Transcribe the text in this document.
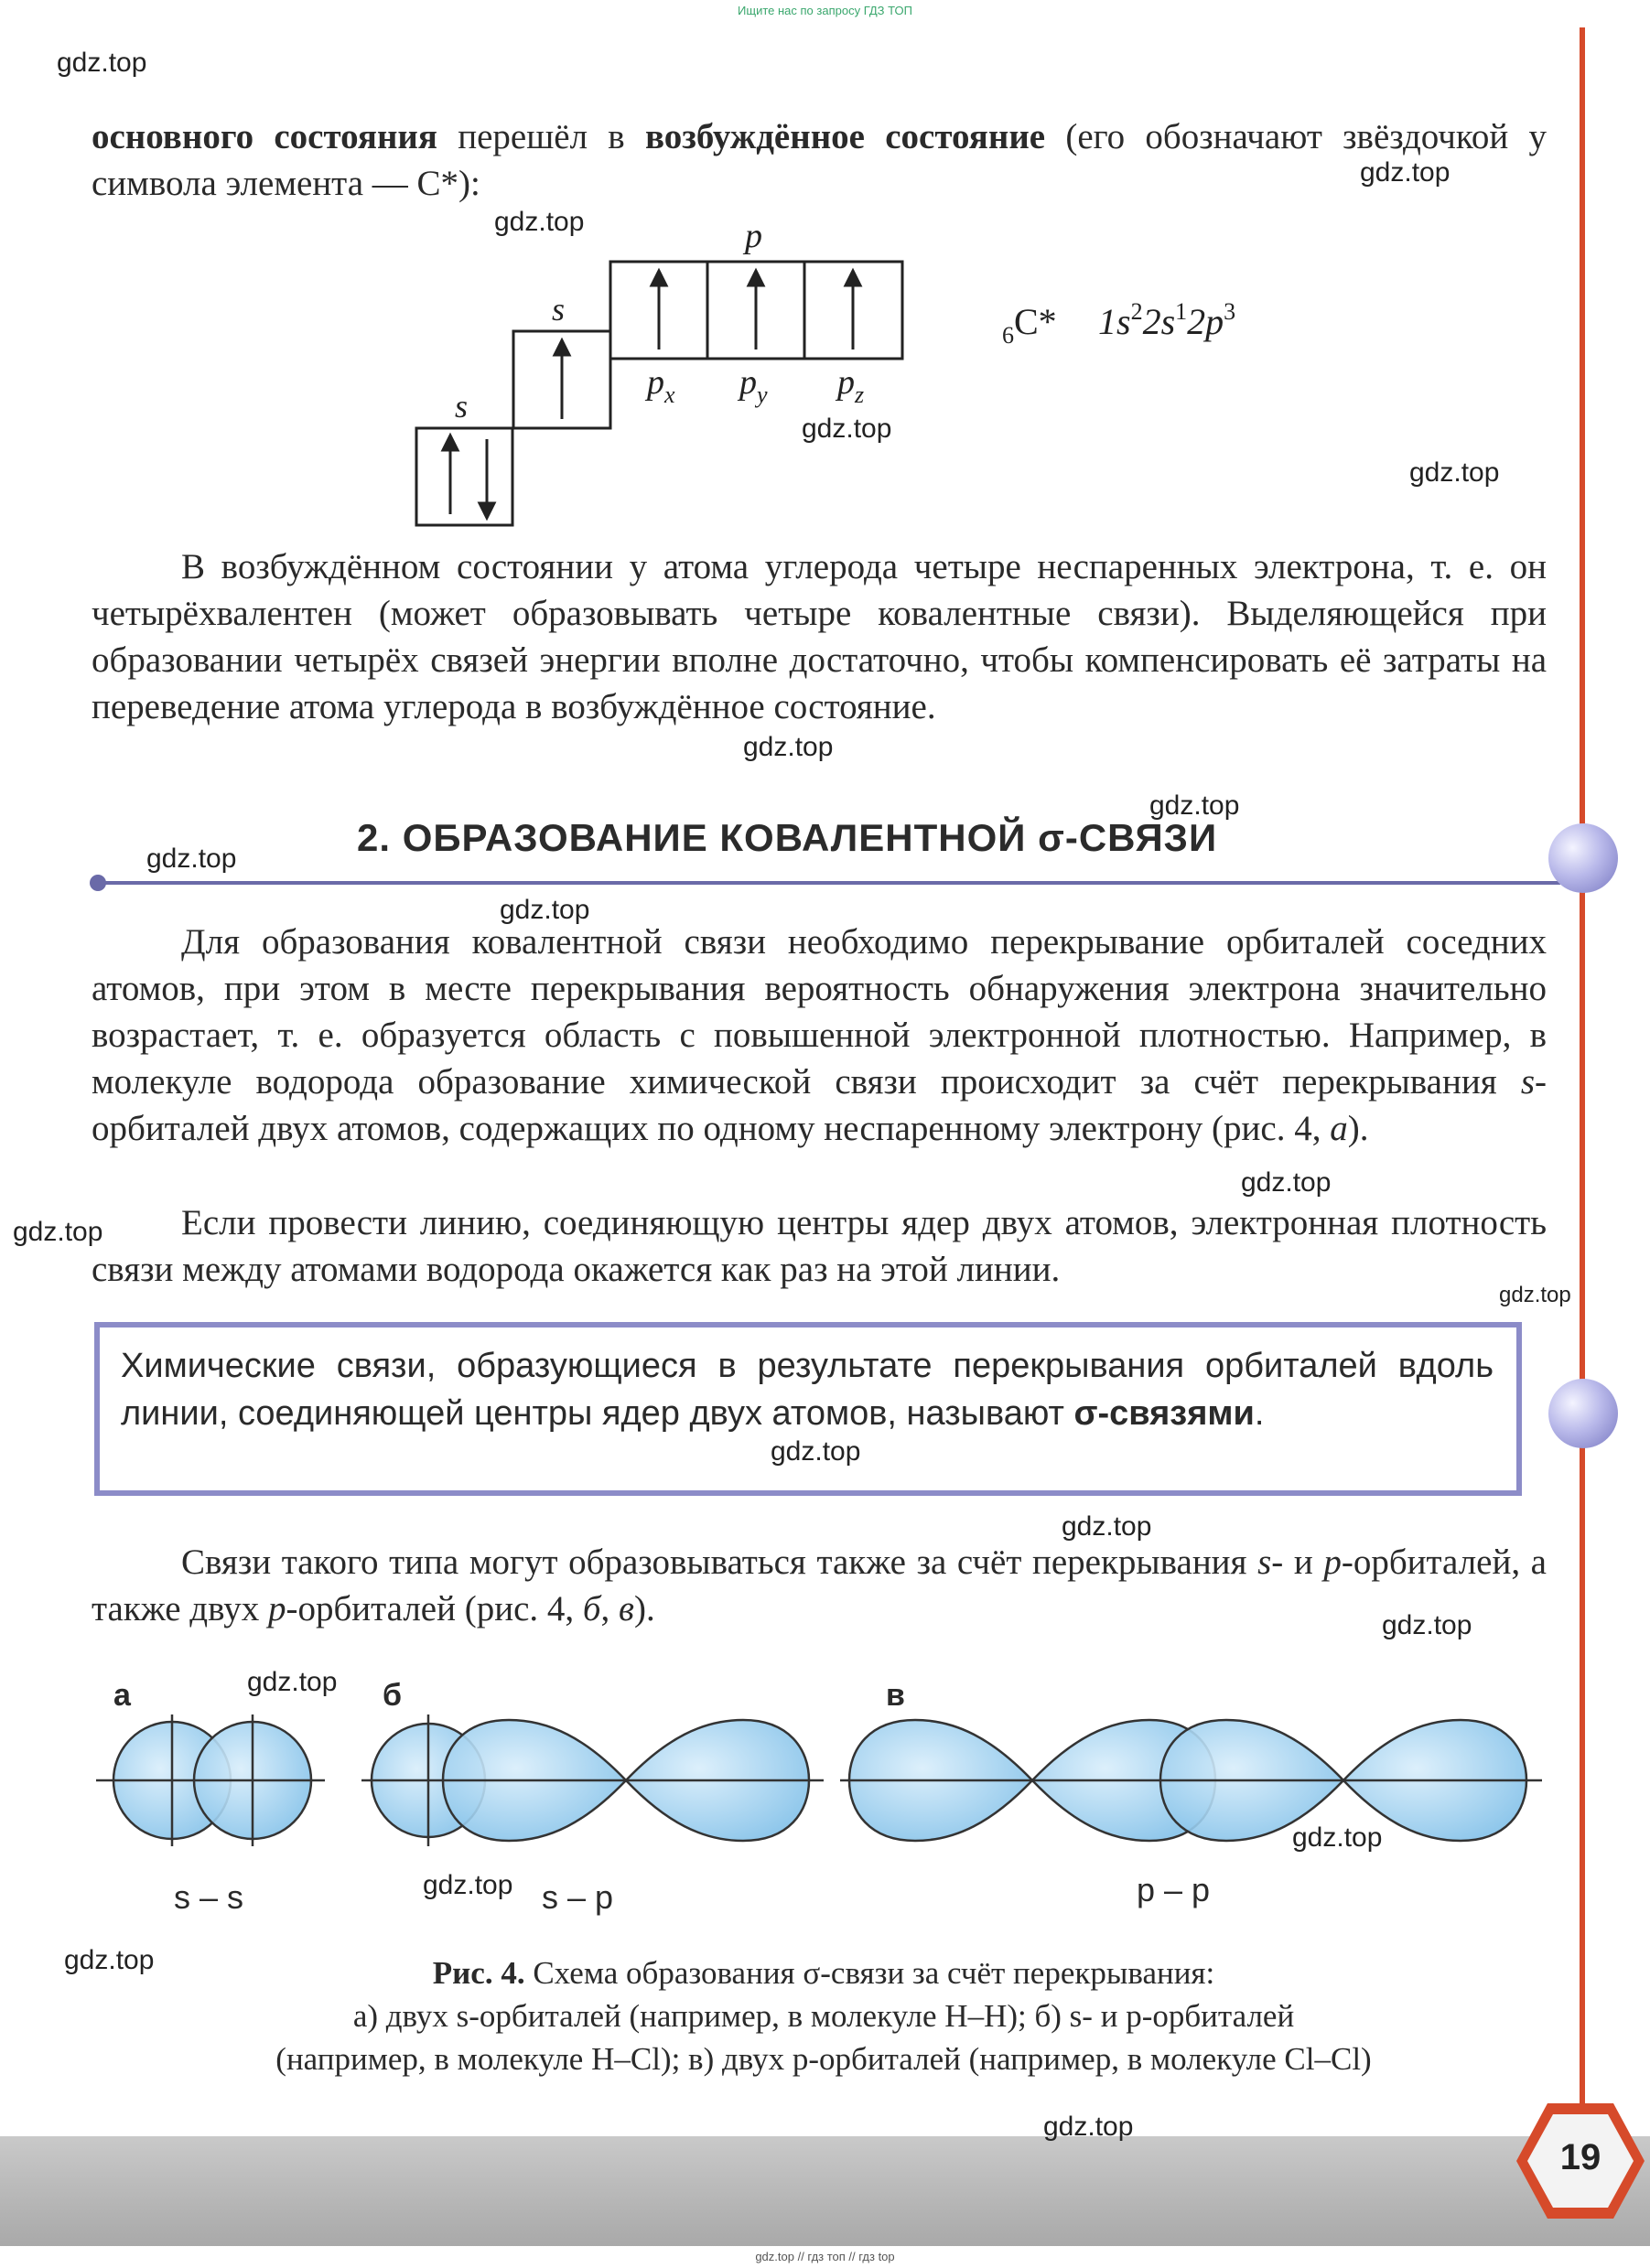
Ищите нас по запросу ГДЗ ТОП
основного состояния перешёл в возбуждённое состояние (его обозначают звёздочкой у символа элемента — С*):
s
s
p
$p_x$ $p_y$ $p_z$
$_6$C* $1s^22s^12p^3$
В возбуждённом состоянии у атома углерода четыре неспаренных электрона, т. е. он четырёхвалентен (может образовывать четыре ковалентные связи). Выделяющейся при образовании четырёх связей энергии вполне достаточно, чтобы компенсировать её затраты на переведение атома углерода в возбуждённое состояние.
2. ОБРАЗОВАНИЕ КОВАЛЕНТНОЙ σ-СВЯЗИ
Для образования ковалентной связи необходимо перекрывание орбиталей соседних атомов, при этом в месте перекрывания вероятность обнаружения электрона значительно возрастает, т. е. образуется область с повышенной электронной плотностью. Например, в молекуле водорода образование химической связи происходит за счёт перекрывания s-орбиталей двух атомов, содержащих по одному неспаренному электрону (рис. 4, а).
Если провести линию, соединяющую центры ядер двух атомов, электронная плотность связи между атомами водорода окажется как раз на этой линии.
Химические связи, образующиеся в результате перекрывания орбиталей вдоль линии, соединяющей центры ядер двух атомов, называют σ-связями.
Связи такого типа могут образовываться также за счёт перекрывания s- и p-орбиталей, а также двух p-орбиталей (рис. 4, б, в).
а	б	в
s – s	s – p	p – p
Рис. 4. Схема образования σ-связи за счёт перекрывания:
а) двух s-орбиталей (например, в молекуле H–H); б) s- и p-орбиталей
(например, в молекуле H–Cl); в) двух p-орбиталей (например, в молекуле Cl–Cl)
19
gdz.top
gdz.top
gdz.top
gdz.top
gdz.top
gdz.top
gdz.top
gdz.top
gdz.top
gdz.top
gdz.top
gdz.top
gdz.top
gdz.top
gdz.top
gdz.top
gdz.top
gdz.top
gdz.top
gdz.top
gdz.top // гдз топ // гдз top
